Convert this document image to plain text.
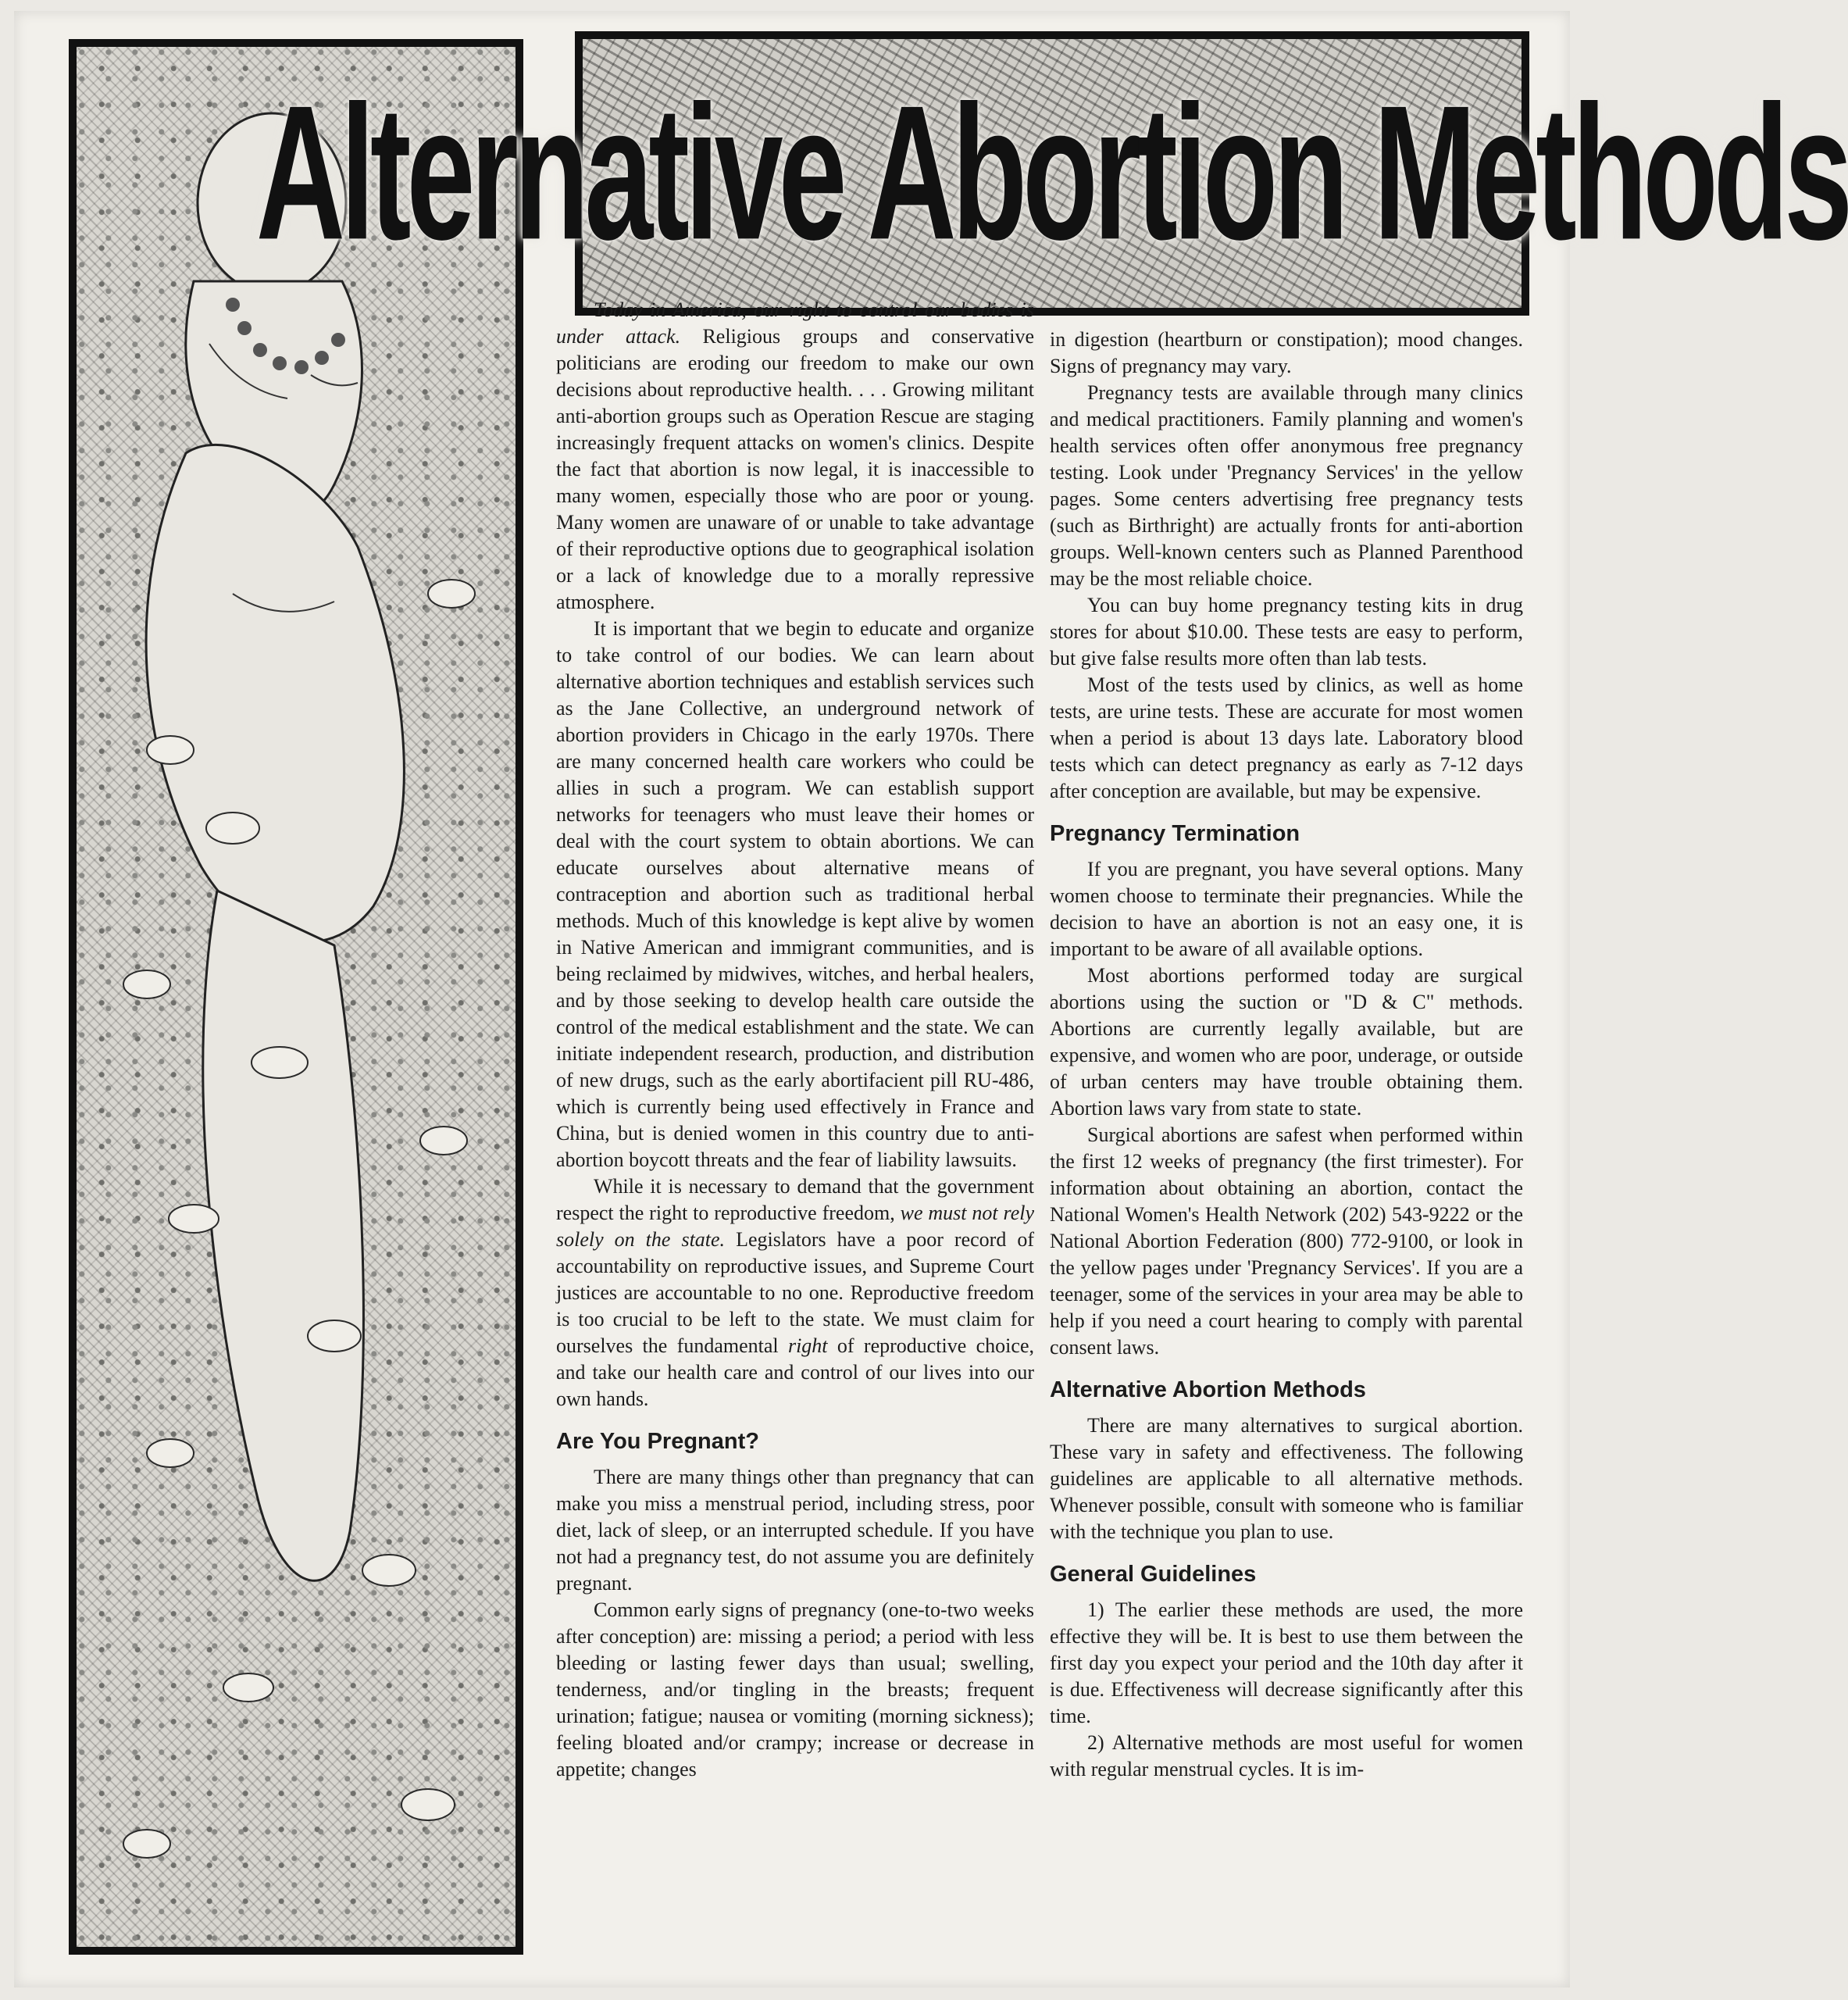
Alternative Abortion Methods

Today in America, our right to control our bodies is under attack. Religious groups and conservative politicians are eroding our freedom to make our own decisions about reproductive health. . . . Growing militant anti-abortion groups such as Operation Rescue are staging increasingly frequent attacks on women's clinics. Despite the fact that abortion is now legal, it is inaccessible to many women, especially those who are poor or young. Many women are unaware of or unable to take advantage of their reproductive options due to geographical isolation or a lack of knowledge due to a morally repressive atmosphere.

It is important that we begin to educate and organize to take control of our bodies. We can learn about alternative abortion techniques and establish services such as the Jane Collective, an underground network of abortion providers in Chicago in the early 1970s. There are many concerned health care workers who could be allies in such a program. We can establish support networks for teenagers who must leave their homes or deal with the court system to obtain abortions. We can educate ourselves about alternative means of contraception and abortion such as traditional herbal methods. Much of this knowledge is kept alive by women in Native American and immigrant communities, and is being reclaimed by midwives, witches, and herbal healers, and by those seeking to develop health care outside the control of the medical establishment and the state. We can initiate independent research, production, and distribution of new drugs, such as the early abortifacient pill RU-486, which is currently being used effectively in France and China, but is denied women in this country due to anti-abortion boycott threats and the fear of liability lawsuits.

While it is necessary to demand that the government respect the right to reproductive freedom, we must not rely solely on the state. Legislators have a poor record of accountability on reproductive issues, and Supreme Court justices are accountable to no one. Reproductive freedom is too crucial to be left to the state. We must claim for ourselves the fundamental right of reproductive choice, and take our health care and control of our lives into our own hands.

Are You Pregnant?

There are many things other than pregnancy that can make you miss a menstrual period, including stress, poor diet, lack of sleep, or an interrupted schedule. If you have not had a pregnancy test, do not assume you are definitely pregnant.

Common early signs of pregnancy (one-to-two weeks after conception) are: missing a period; a period with less bleeding or lasting fewer days than usual; swelling, tenderness, and/or tingling in the breasts; frequent urination; fatigue; nausea or vomiting (morning sickness); feeling bloated and/or crampy; increase or decrease in appetite; changes

in digestion (heartburn or constipation); mood changes. Signs of pregnancy may vary.

Pregnancy tests are available through many clinics and medical practitioners. Family planning and women's health services often offer anonymous free pregnancy testing. Look under 'Pregnancy Services' in the yellow pages. Some centers advertising free pregnancy tests (such as Birthright) are actually fronts for anti-abortion groups. Well-known centers such as Planned Parenthood may be the most reliable choice.

You can buy home pregnancy testing kits in drug stores for about $10.00. These tests are easy to perform, but give false results more often than lab tests.

Most of the tests used by clinics, as well as home tests, are urine tests. These are accurate for most women when a period is about 13 days late. Laboratory blood tests which can detect pregnancy as early as 7-12 days after conception are available, but may be expensive.

Pregnancy Termination

If you are pregnant, you have several options. Many women choose to terminate their pregnancies. While the decision to have an abortion is not an easy one, it is important to be aware of all available options.

Most abortions performed today are surgical abortions using the suction or "D & C" methods. Abortions are currently legally available, but are expensive, and women who are poor, underage, or outside of urban centers may have trouble obtaining them. Abortion laws vary from state to state.

Surgical abortions are safest when performed within the first 12 weeks of pregnancy (the first trimester). For information about obtaining an abortion, contact the National Women's Health Network (202) 543-9222 or the National Abortion Federation (800) 772-9100, or look in the yellow pages under 'Pregnancy Services'. If you are a teenager, some of the services in your area may be able to help if you need a court hearing to comply with parental consent laws.

Alternative Abortion Methods

There are many alternatives to surgical abortion. These vary in safety and effectiveness. The following guidelines are applicable to all alternative methods. Whenever possible, consult with someone who is familiar with the technique you plan to use.

General Guidelines

1) The earlier these methods are used, the more effective they will be. It is best to use them between the first day you expect your period and the 10th day after it is due. Effectiveness will decrease significantly after this time.

2) Alternative methods are most useful for women with regular menstrual cycles. It is im-
